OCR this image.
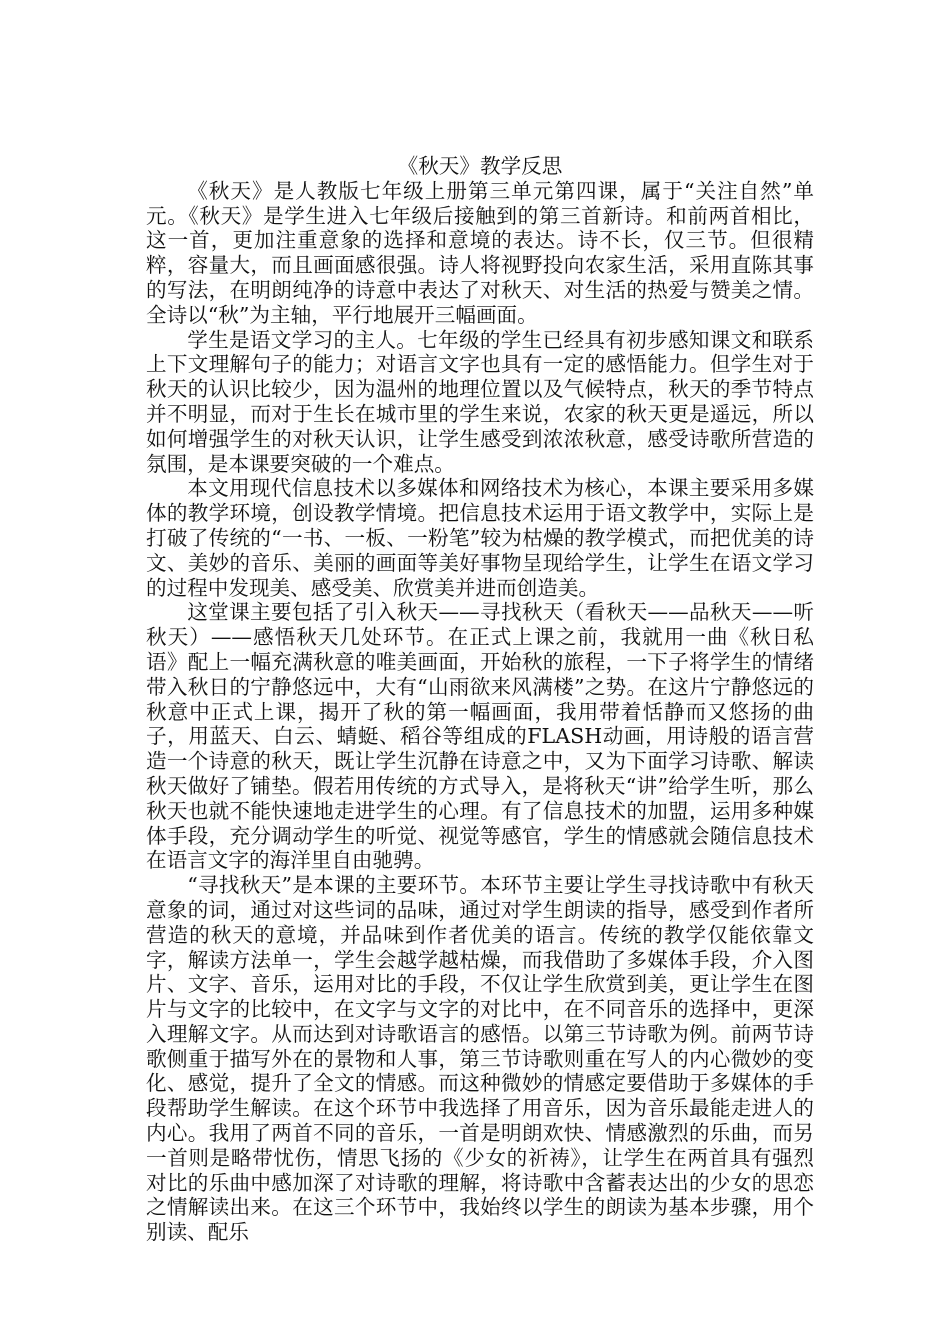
《秋天》教学反思

《秋天》是人教版七年级上册第三单元第四课，属于“关注自然”单元。《秋天》是学生进入七年级后接触到的第三首新诗。和前两首相比，这一首，更加注重意象的选择和意境的表达。诗不长，仅三节。但很精粹，容量大，而且画面感很强。诗人将视野投向农家生活，采用直陈其事的写法，在明朗纯净的诗意中表达了对秋天、对生活的热爱与赞美之情。全诗以“秋”为主轴，平行地展开三幅画面。

学生是语文学习的主人。七年级的学生已经具有初步感知课文和联系上下文理解句子的能力；对语言文字也具有一定的感悟能力。但学生对于秋天的认识比较少，因为温州的地理位置以及气候特点，秋天的季节特点并不明显，而对于生长在城市里的学生来说，农家的秋天更是遥远，所以如何增强学生的对秋天认识，让学生感受到浓浓秋意，感受诗歌所营造的氛围，是本课要突破的一个难点。

本文用现代信息技术以多媒体和网络技术为核心，本课主要采用多媒体的教学环境，创设教学情境。把信息技术运用于语文教学中，实际上是打破了传统的“一书、一板、一粉笔”较为枯燥的教学模式，而把优美的诗文、美妙的音乐、美丽的画面等美好事物呈现给学生，让学生在语文学习的过程中发现美、感受美、欣赏美并进而创造美。

这堂课主要包括了引入秋天——寻找秋天（看秋天——品秋天——听秋天）——感悟秋天几处环节。在正式上课之前，我就用一曲《秋日私语》配上一幅充满秋意的唯美画面，开始秋的旅程，一下子将学生的情绪带入秋日的宁静悠远中，大有“山雨欲来风满楼”之势。在这片宁静悠远的秋意中正式上课，揭开了秋的第一幅画面，我用带着恬静而又悠扬的曲子，用蓝天、白云、蜻蜓、稻谷等组成的FLASH动画，用诗般的语言营造一个诗意的秋天，既让学生沉静在诗意之中，又为下面学习诗歌、解读秋天做好了铺垫。假若用传统的方式导入，是将秋天“讲”给学生听，那么秋天也就不能快速地走进学生的心理。有了信息技术的加盟，运用多种媒体手段，充分调动学生的听觉、视觉等感官，学生的情感就会随信息技术在语言文字的海洋里自由驰骋。

“寻找秋天”是本课的主要环节。本环节主要让学生寻找诗歌中有秋天意象的词，通过对这些词的品味，通过对学生朗读的指导，感受到作者所营造的秋天的意境，并品味到作者优美的语言。传统的教学仅能依靠文字，解读方法单一，学生会越学越枯燥，而我借助了多媒体手段，介入图片、文字、音乐，运用对比的手段，不仅让学生欣赏到美，更让学生在图片与文字的比较中，在文字与文字的对比中，在不同音乐的选择中，更深入理解文字。从而达到对诗歌语言的感悟。以第三节诗歌为例。前两节诗歌侧重于描写外在的景物和人事，第三节诗歌则重在写人的内心微妙的变化、感觉，提升了全文的情感。而这种微妙的情感定要借助于多媒体的手段帮助学生解读。在这个环节中我选择了用音乐，因为音乐最能走进人的内心。我用了两首不同的音乐，一首是明朗欢快、情感激烈的乐曲，而另一首则是略带忧伤，情思飞扬的《少女的祈祷》，让学生在两首具有强烈对比的乐曲中感加深了对诗歌的理解，将诗歌中含蓄表达出的少女的思恋之情解读出来。在这三个环节中，我始终以学生的朗读为基本步骤，用个别读、配乐
